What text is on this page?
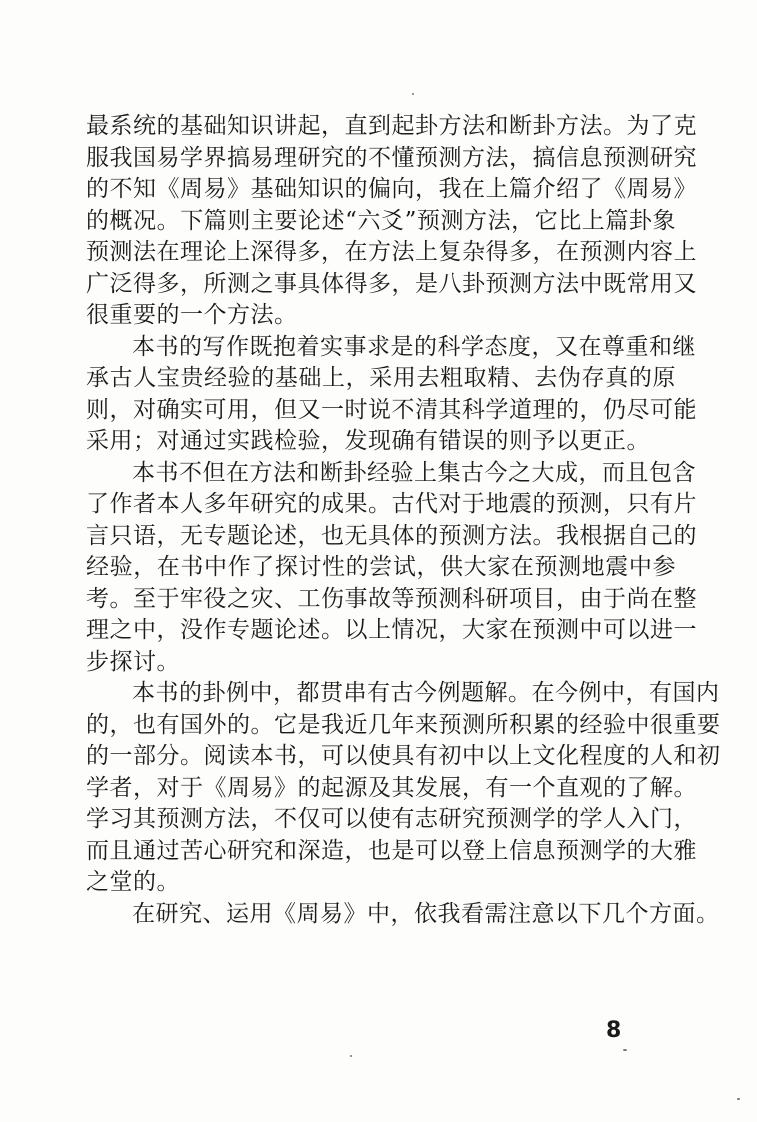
最系统的基础知识讲起，直到起卦方法和断卦方法。为了克
服我国易学界搞易理研究的不懂预测方法，搞信息预测研究
的不知《周易》基础知识的偏向，我在上篇介绍了《周易》
的概况。下篇则主要论述“六爻”预测方法，它比上篇卦象
预测法在理论上深得多，在方法上复杂得多，在预测内容上
广泛得多，所测之事具体得多，是八卦预测方法中既常用又
很重要的一个方法。
本书的写作既抱着实事求是的科学态度，又在尊重和继
承古人宝贵经验的基础上，采用去粗取精、去伪存真的原
则，对确实可用，但又一时说不清其科学道理的，仍尽可能
采用；对通过实践检验，发现确有错误的则予以更正。
本书不但在方法和断卦经验上集古今之大成，而且包含
了作者本人多年研究的成果。古代对于地震的预测，只有片
言只语，无专题论述，也无具体的预测方法。我根据自己的
经验，在书中作了探讨性的尝试，供大家在预测地震中参
考。至于牢役之灾、工伤事故等预测科研项目，由于尚在整
理之中，没作专题论述。以上情况，大家在预测中可以进一
步探讨。
本书的卦例中，都贯串有古今例题解。在今例中，有国内
的，也有国外的。它是我近几年来预测所积累的经验中很重要
的一部分。阅读本书，可以使具有初中以上文化程度的人和初
学者，对于《周易》的起源及其发展，有一个直观的了解。
学习其预测方法，不仅可以使有志研究预测学的学人入门，
而且通过苦心研究和深造，也是可以登上信息预测学的大雅
之堂的。
在研究、运用《周易》中，依我看需注意以下几个方面。
8
